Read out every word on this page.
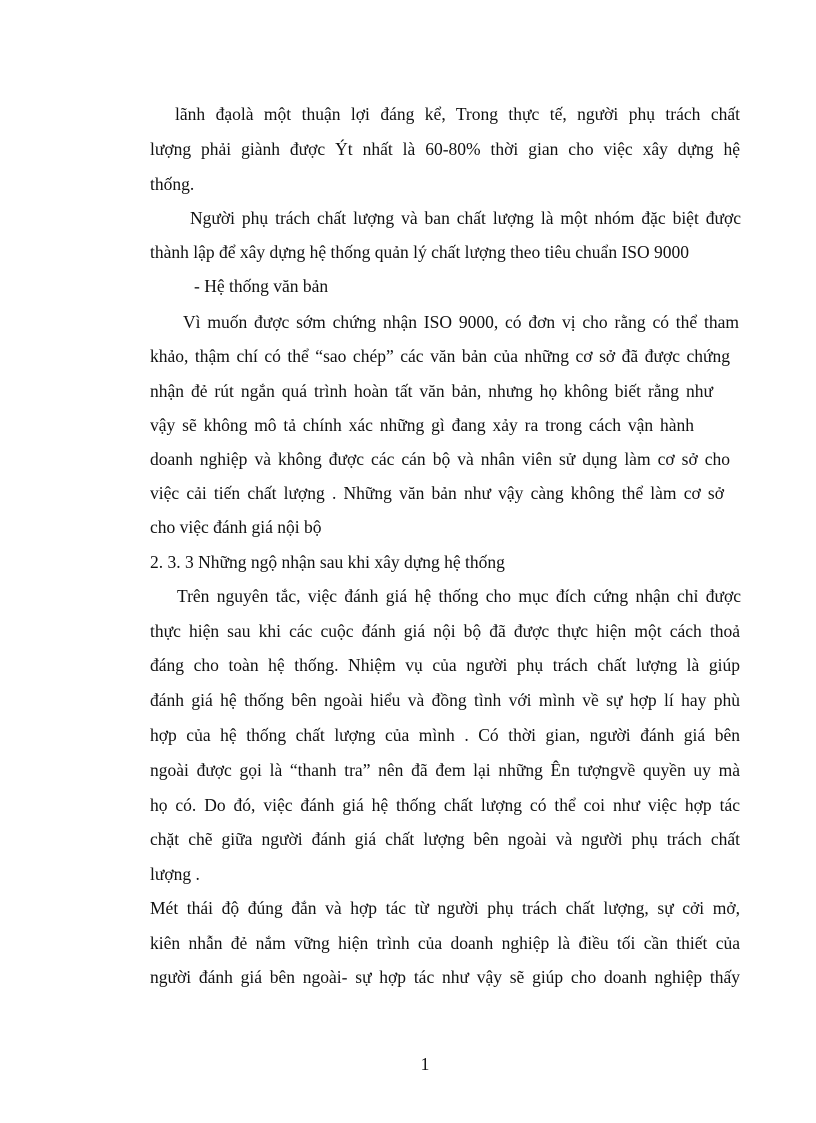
lãnh đạolà một thuận lợi đáng kể, Trong thực tế, người phụ trách chất
lượng phải giành được Ýt nhất là 60-80% thời gian cho việc xây dựng hệ
thống.
Người phụ trách chất lượng và ban chất lượng là một nhóm đặc biệt được
thành lập để xây dựng hệ thống quản lý chất lượng theo tiêu chuẩn ISO 9000
- Hệ thống văn bản
Vì muốn được sớm chứng nhận ISO 9000, có đơn vị cho rằng có thể tham
khảo, thậm chí có thể “sao chép” các văn bản của những cơ sở đã được chứng
nhận đẻ rút ngắn quá trình hoàn tất văn bản, nhưng họ không biết rằng như
vậy sẽ không mô tả chính xác những gì đang xảy ra trong cách vận hành
doanh nghiệp và không được các cán bộ và nhân viên sử dụng làm cơ sở cho
việc cải tiến chất lượng . Những văn bản như vậy càng không thể làm cơ sở
cho việc đánh giá nội bộ
2. 3. 3 Những ngộ nhận sau khi xây dựng hệ thống
Trên nguyên tắc, việc đánh giá hệ thống cho mục đích cứng nhận chỉ được
thực hiện sau khi các cuộc đánh giá nội bộ đã được thực hiện một cách thoả
đáng cho toàn hệ thống. Nhiệm vụ của người phụ trách chất lượng là giúp
đánh giá hệ thống bên ngoài hiểu và đồng tình với mình về sự hợp lí hay phù
hợp của hệ thống chất lượng của mình . Có thời gian, người đánh giá bên
ngoài được gọi là “thanh tra” nên đã đem lại những Ên tượngvề quyền uy mà
họ có. Do đó, việc đánh giá hệ thống chất lượng có thể coi như việc hợp tác
chặt chẽ giữa người đánh giá chất lượng bên ngoài và người phụ trách chất
lượng .
Mét thái độ đúng đắn và hợp tác từ người phụ trách chất lượng, sự cởi mở,
kiên nhẫn đẻ nắm vững hiện trình của doanh nghiệp là điều tối cần thiết của
người đánh giá bên ngoài- sự hợp tác như vậy sẽ giúp cho doanh nghiệp thấy
1
